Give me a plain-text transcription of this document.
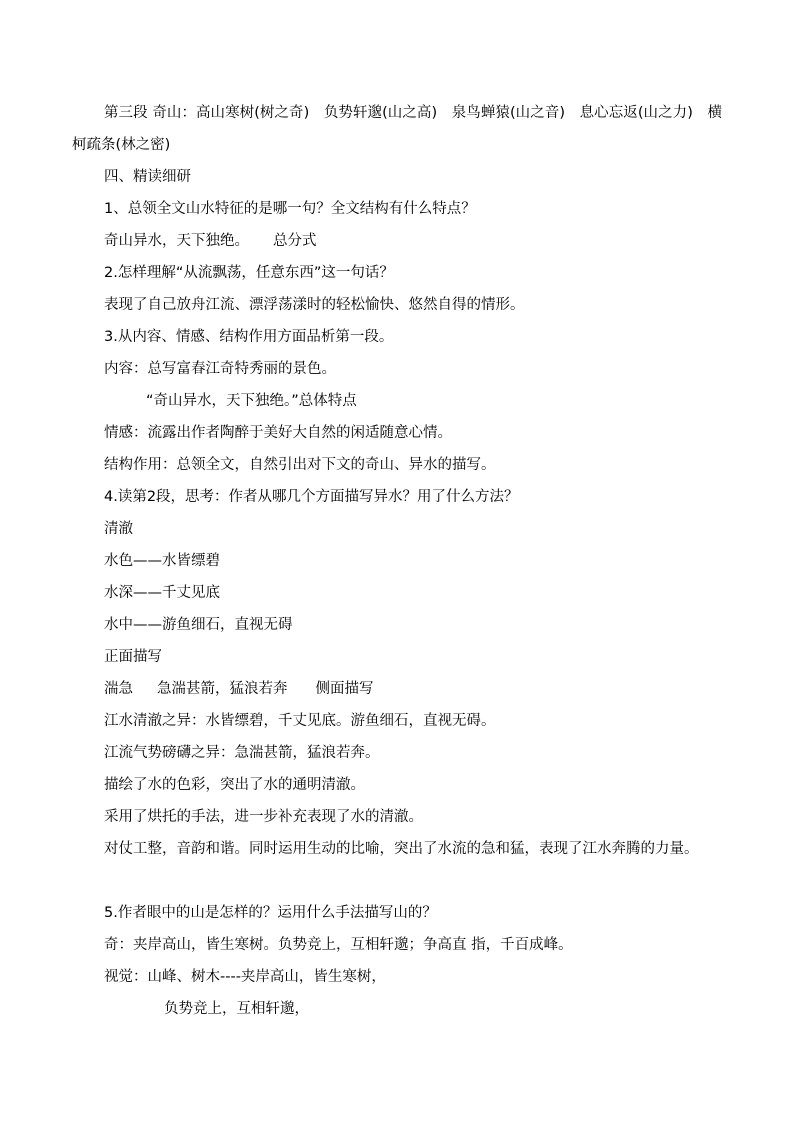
第三段 奇山：高山寒树(树之奇)　负势轩邈(山之高)　泉鸟蝉猿(山之音)　息心忘返(山之力)　横柯疏条(林之密)
四、精读细研
1、总领全文山水特征的是哪一句？全文结构有什么特点？
奇山异水，天下独绝。 总分式
2.怎样理解“从流飘荡，任意东西”这一句话？
表现了自己放舟江流、漂浮荡漾时的轻松愉快、悠然自得的情形。
3.从内容、情感、结构作用方面品析第一段。
内容：总写富春江奇特秀丽的景色。
“奇山异水，天下独绝。”总体特点
情感：流露出作者陶醉于美好大自然的闲适随意心情。
结构作用：总领全文，自然引出对下文的奇山、异水的描写。
4.读第2段，思考：作者从哪几个方面描写异水？用了什么方法？
清澈
水色——水皆缥碧
水深——千丈见底
水中——游鱼细石，直视无碍
正面描写
湍急 急湍甚箭，猛浪若奔 侧面描写
江水清澈之异：水皆缥碧，千丈见底。游鱼细石，直视无碍。
江流气势磅礴之异：急湍甚箭，猛浪若奔。
描绘了水的色彩，突出了水的通明清澈。
采用了烘托的手法，进一步补充表现了水的清澈。
对仗工整，音韵和谐。同时运用生动的比喻，突出了水流的急和猛，表现了江水奔腾的力量。
5.作者眼中的山是怎样的？运用什么手法描写山的？
奇：夹岸高山，皆生寒树。负势竞上，互相轩邈；争高直 指，千百成峰。
视觉：山峰、树木----夹岸高山，皆生寒树，
负势竞上，互相轩邈，
